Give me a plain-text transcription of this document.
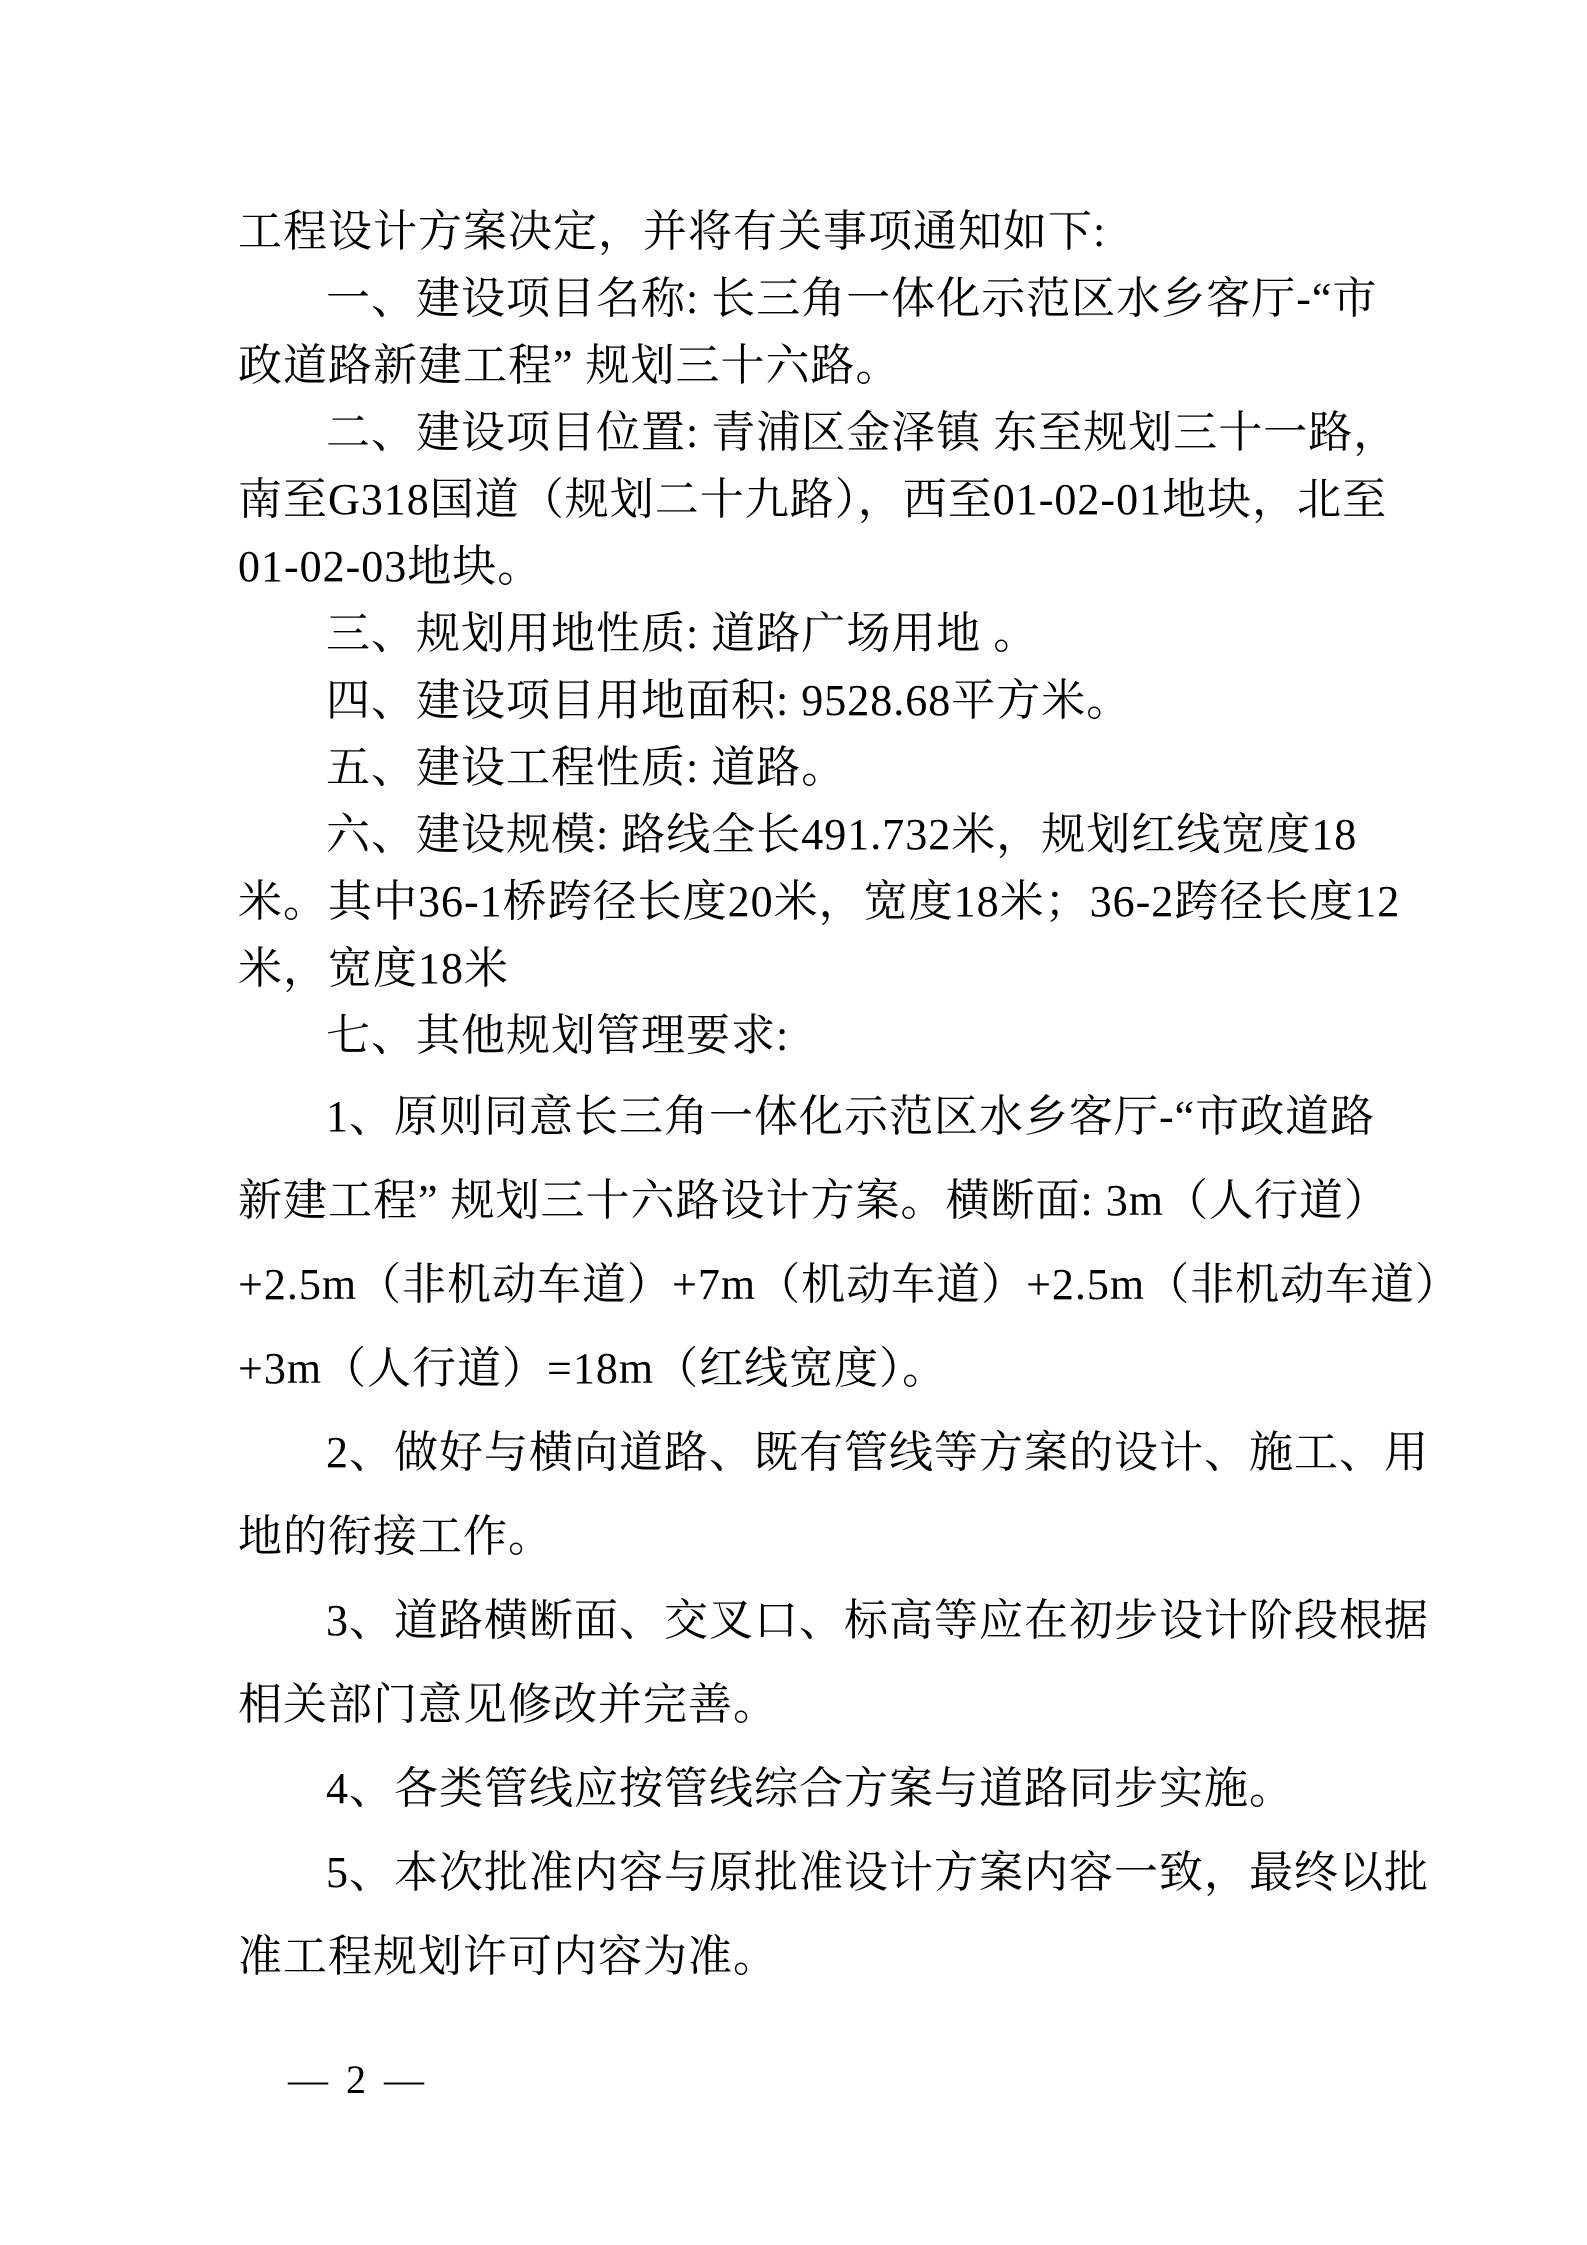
工程设计方案决定，并将有关事项通知如下:
一、建设项目名称: 长三角一体化示范区水乡客厅-“市
政道路新建工程” 规划三十六路。
二、建设项目位置: 青浦区金泽镇 东至规划三十一路，
南至G318国道（规划二十九路），西至01-02-01地块，北至
01-02-03地块。
三、规划用地性质: 道路广场用地 。
四、建设项目用地面积: 9528.68平方米。
五、建设工程性质: 道路。
六、建设规模: 路线全长491.732米，规划红线宽度18
米。其中36-1桥跨径长度20米，宽度18米；36-2跨径长度12
米，宽度18米
七、其他规划管理要求:
1、原则同意长三角一体化示范区水乡客厅-“市政道路
新建工程” 规划三十六路设计方案。横断面: 3m（人行道）
+2.5m（非机动车道）+7m（机动车道）+2.5m（非机动车道）
+3m（人行道）=18m（红线宽度）。
2、做好与横向道路、既有管线等方案的设计、施工、用
地的衔接工作。
3、道路横断面、交叉口、标高等应在初步设计阶段根据
相关部门意见修改并完善。
4、各类管线应按管线综合方案与道路同步实施。
5、本次批准内容与原批准设计方案内容一致，最终以批
准工程规划许可内容为准。
— 2 —
